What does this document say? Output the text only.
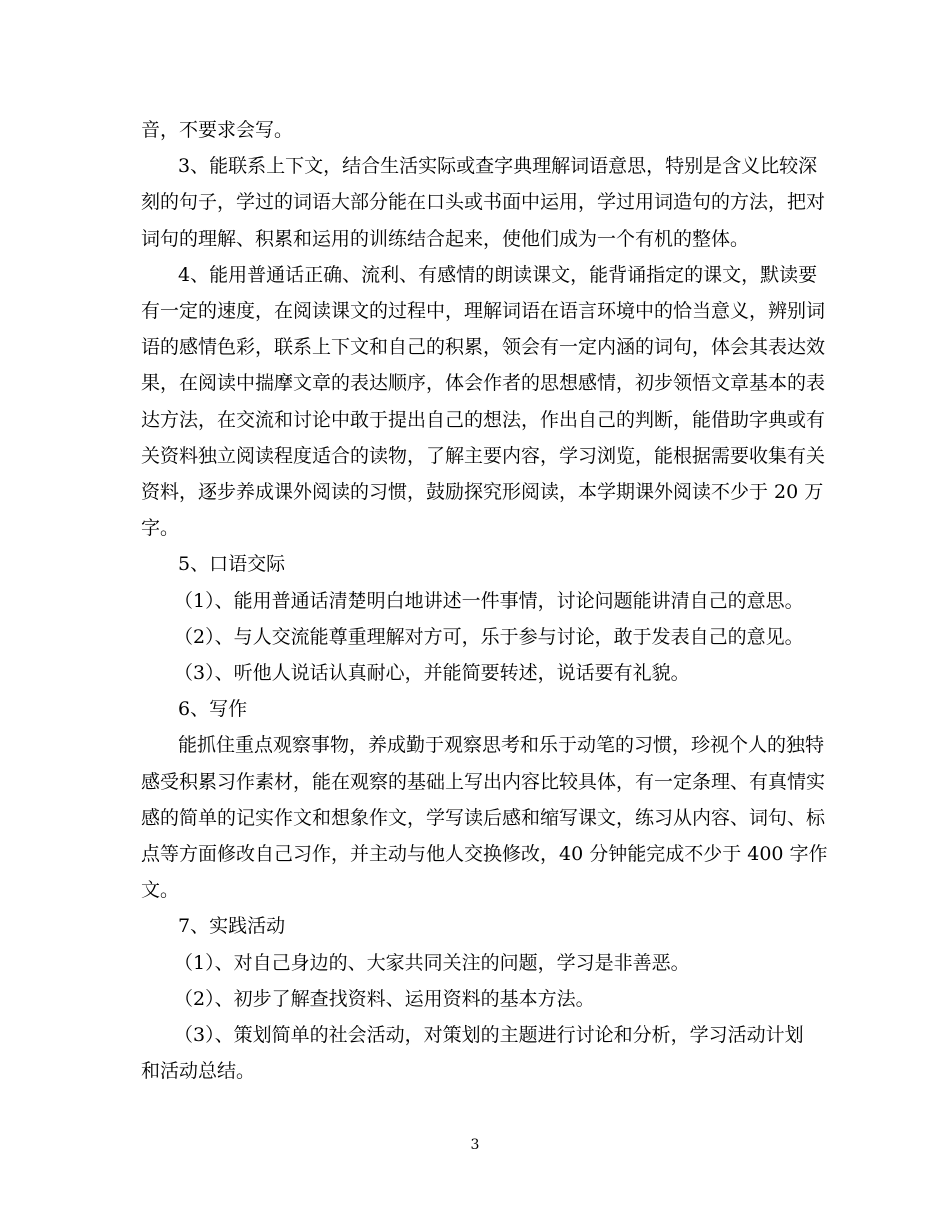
音，不要求会写。

3、能联系上下文，结合生活实际或查字典理解词语意思，特别是含义比较深

刻的句子，学过的词语大部分能在口头或书面中运用，学过用词造句的方法，把对

词句的理解、积累和运用的训练结合起来，使他们成为一个有机的整体。

4、能用普通话正确、流利、有感情的朗读课文，能背诵指定的课文，默读要

有一定的速度，在阅读课文的过程中，理解词语在语言环境中的恰当意义，辨别词

语的感情色彩，联系上下文和自己的积累，领会有一定内涵的词句，体会其表达效

果，在阅读中揣摩文章的表达顺序，体会作者的思想感情，初步领悟文章基本的表

达方法，在交流和讨论中敢于提出自己的想法，作出自己的判断，能借助字典或有

关资料独立阅读程度适合的读物，了解主要内容，学习浏览，能根据需要收集有关

资料，逐步养成课外阅读的习惯，鼓励探究形阅读，本学期课外阅读不少于 20 万

字。

5、口语交际

（1）、能用普通话清楚明白地讲述一件事情，讨论问题能讲清自己的意思。

（2）、与人交流能尊重理解对方可，乐于参与讨论，敢于发表自己的意见。

（3）、听他人说话认真耐心，并能简要转述，说话要有礼貌。

6、写作

能抓住重点观察事物，养成勤于观察思考和乐于动笔的习惯，珍视个人的独特

感受积累习作素材，能在观察的基础上写出内容比较具体，有一定条理、有真情实

感的简单的记实作文和想象作文，学写读后感和缩写课文，练习从内容、词句、标

点等方面修改自己习作，并主动与他人交换修改，40 分钟能完成不少于 400 字作

文。

7、实践活动

（1）、对自己身边的、大家共同关注的问题，学习是非善恶。

（2）、初步了解查找资料、运用资料的基本方法。

（3）、策划简单的社会活动，对策划的主题进行讨论和分析，学习活动计划

和活动总结。

3
